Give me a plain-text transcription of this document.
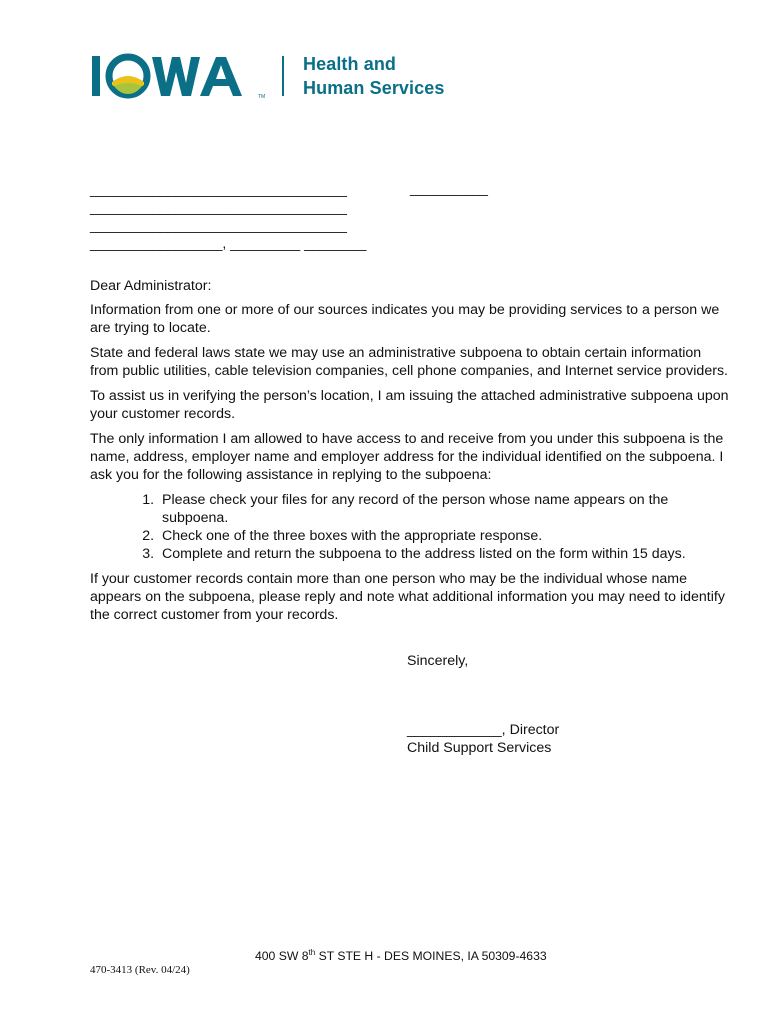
TM
Health and
Human Services
_________________________________
_________________________________
_________________________________
_________________, _________ ________
__________

Dear Administrator:

Information from one or more of our sources indicates you may be providing services to a person we are trying to locate.

State and federal laws state we may use an administrative subpoena to obtain certain information from public utilities, cable television companies, cell phone companies, and Internet service providers.

To assist us in verifying the person’s location, I am issuing the attached administrative subpoena upon your customer records.

The only information I am allowed to have access to and receive from you under this subpoena is the name, address, employer name and employer address for the individual identified on the subpoena. I ask you for the following assistance in replying to the subpoena:

1. Please check your files for any record of the person whose name appears on the subpoena.
2. Check one of the three boxes with the appropriate response.
3. Complete and return the subpoena to the address listed on the form within 15 days.

If your customer records contain more than one person who may be the individual whose name appears on the subpoena, please reply and note what additional information you may need to identify the correct customer from your records.

Sincerely,
____________, Director
Child Support Services
400 SW 8th ST STE H - DES MOINES, IA 50309-4633
470-3413 (Rev. 04/24)
